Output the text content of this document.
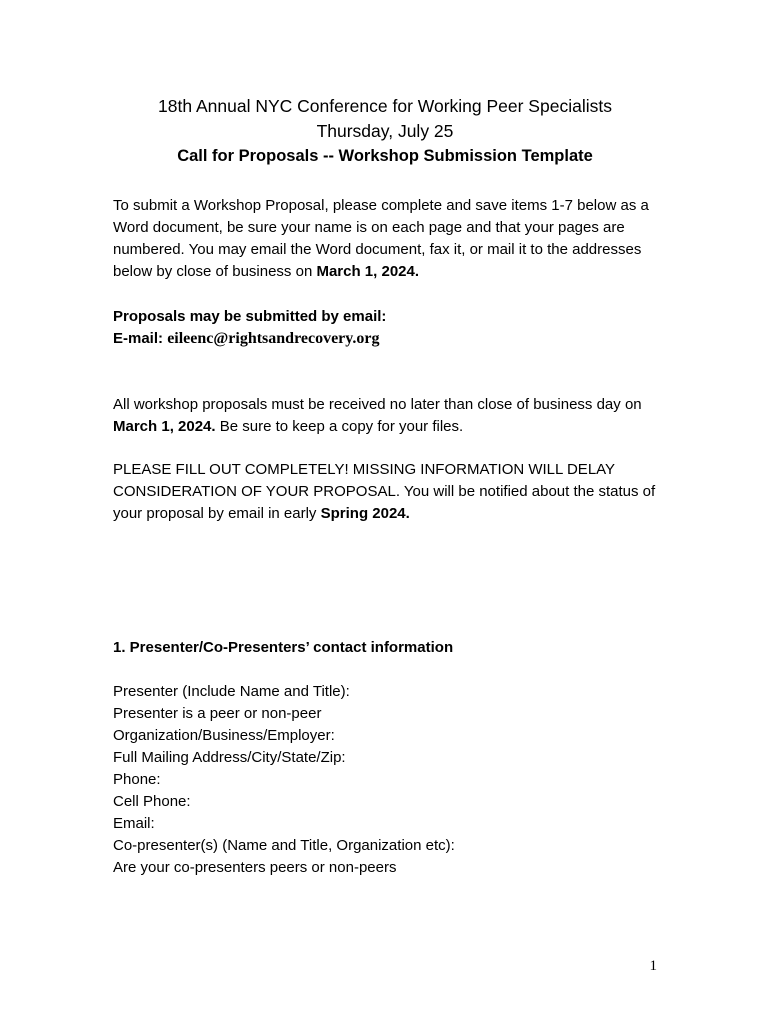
18th Annual NYC Conference for Working Peer Specialists
Thursday, July 25
Call for Proposals -- Workshop Submission Template
To submit a Workshop Proposal, please complete and save items 1-7 below as a Word document, be sure your name is on each page and that your pages are numbered. You may email the Word document, fax it, or mail it to the addresses below by close of business on March 1, 2024.
Proposals may be submitted by email:
E-mail: eileenc@rightsandrecovery.org
All workshop proposals must be received no later than close of business day on March 1, 2024. Be sure to keep a copy for your files.
PLEASE FILL OUT COMPLETELY! MISSING INFORMATION WILL DELAY CONSIDERATION OF YOUR PROPOSAL. You will be notified about the status of your proposal by email in early Spring 2024.
1. Presenter/Co-Presenters’ contact information
Presenter (Include Name and Title):
Presenter is a peer or non-peer
Organization/Business/Employer:
Full Mailing Address/City/State/Zip:
Phone:
Cell Phone:
Email:
Co-presenter(s) (Name and Title, Organization etc):
Are your co-presenters peers or non-peers
1
